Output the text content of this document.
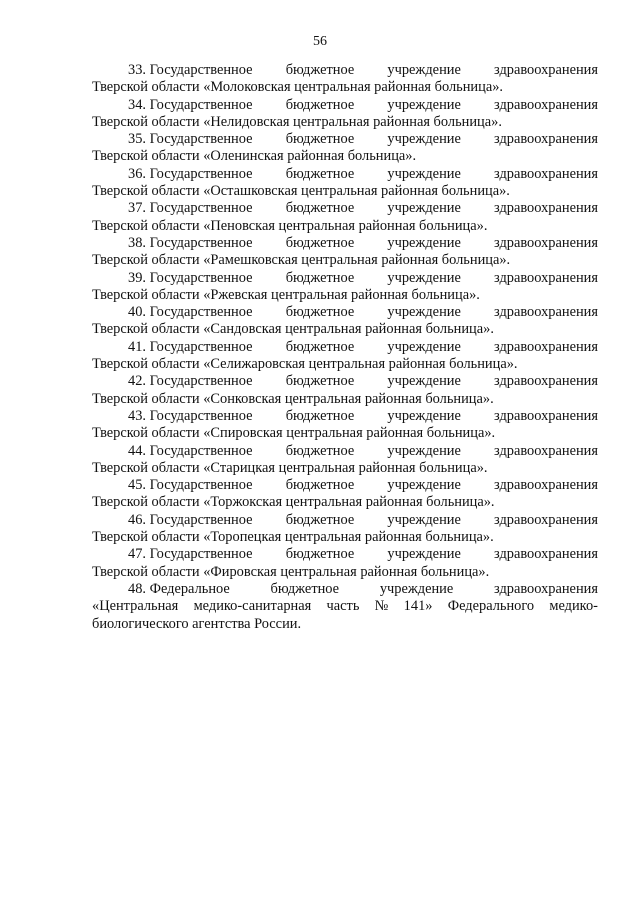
56
33. Государственное бюджетное учреждение здравоохранения
Тверской области «Молоковская центральная районная больница».
34. Государственное бюджетное учреждение здравоохранения
Тверской области «Нелидовская центральная районная больница».
35. Государственное бюджетное учреждение здравоохранения
Тверской области «Оленинская районная больница».
36. Государственное бюджетное учреждение здравоохранения
Тверской области «Осташковская центральная районная больница».
37. Государственное бюджетное учреждение здравоохранения
Тверской области «Пеновская центральная районная больница».
38. Государственное бюджетное учреждение здравоохранения
Тверской области «Рамешковская центральная районная больница».
39. Государственное бюджетное учреждение здравоохранения
Тверской области «Ржевская центральная районная больница».
40. Государственное бюджетное учреждение здравоохранения
Тверской области «Сандовская центральная районная больница».
41. Государственное бюджетное учреждение здравоохранения
Тверской области «Селижаровская центральная районная больница».
42. Государственное бюджетное учреждение здравоохранения
Тверской области «Сонковская центральная районная больница».
43. Государственное бюджетное учреждение здравоохранения
Тверской области «Спировская центральная районная больница».
44. Государственное бюджетное учреждение здравоохранения
Тверской области «Старицкая центральная районная больница».
45. Государственное бюджетное учреждение здравоохранения
Тверской области «Торжокская центральная районная больница».
46. Государственное бюджетное учреждение здравоохранения
Тверской области «Торопецкая центральная районная больница».
47. Государственное бюджетное учреждение здравоохранения
Тверской области «Фировская центральная районная больница».
48. Федеральное	бюджетное	учреждение	здравоохранения
«Центральная медико-санитарная часть № 141» Федерального медико-
биологического агентства России.
